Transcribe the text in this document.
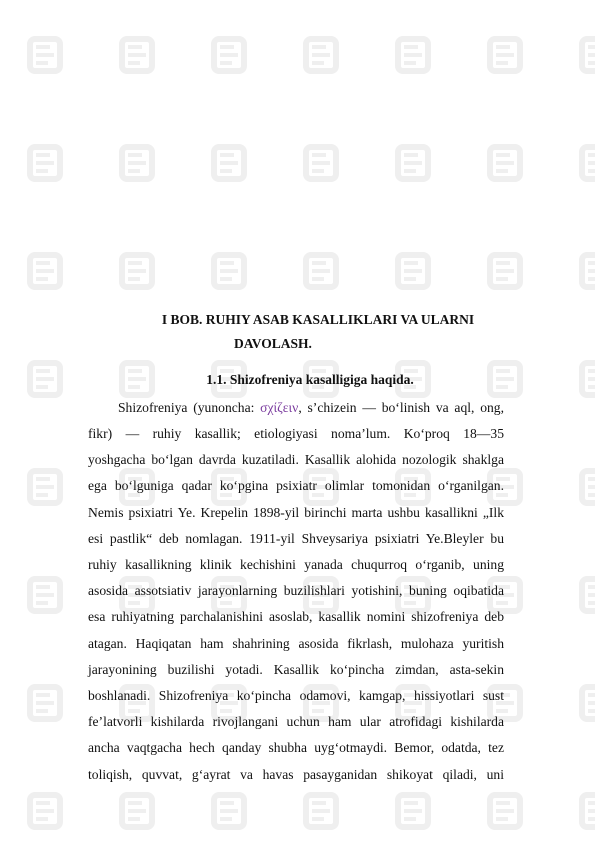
I BOB. RUHIY ASAB KASALLIKLARI VA ULARNI
DAVOLASH.
1.1. Shizofreniya kasalligiga haqida.
Shizofreniya (yunoncha: σχίζειν, s’chizein — bo‘linish va aql, ong,
fikr) — ruhiy kasallik; etiologiyasi noma’lum. Ko‘proq 18—35
yoshgacha bo‘lgan davrda kuzatiladi. Kasallik alohida nozologik shaklga
ega bo‘lguniga qadar ko‘pgina psixiatr olimlar tomonidan o‘rganilgan.
Nemis psixiatri Ye. Krepelin 1898-yil birinchi marta ushbu kasallikni „Ilk
esi pastlik“ deb nomlagan. 1911-yil Shveysariya psixiatri Ye.Bleyler bu
ruhiy kasallikning klinik kechishini yanada chuqurroq o‘rganib, uning
asosida assotsiativ jarayonlarning buzilishlari yotishini, buning oqibatida
esa ruhiyatning parchalanishini asoslab, kasallik nomini shizofreniya deb
atagan. Haqiqatan ham shahrining asosida fikrlash, mulohaza yuritish
jarayonining buzilishi yotadi. Kasallik ko‘pincha zimdan, asta-sekin
boshlanadi. Shizofreniya ko‘pincha odamovi, kamgap, hissiyotlari sust
fe’latvorli kishilarda rivojlangani uchun ham ular atrofidagi kishilarda
ancha vaqtgacha hech qanday shubha uyg‘otmaydi. Bemor, odatda, tez
toliqish, quvvat, g‘ayrat va havas pasayganidan shikoyat qiladi, uni
